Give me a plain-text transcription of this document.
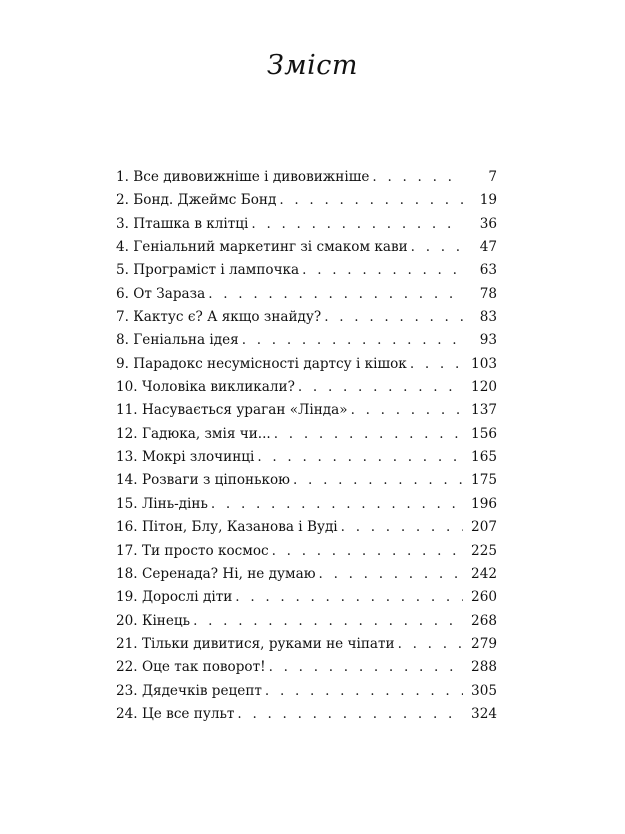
Зміст
1. Все дивовижніше і дивовижніше . . .	7
2. Бонд. Джеймс Бонд . . .	19
3. Пташка в клітці . . .	36
4. Геніальний маркетинг зі смаком кави . . .	47
5. Програміст і лампочка . . .	63
6. От Зараза . . .	78
7. Кактус є? А якщо знайду? . . .	83
8. Геніальна ідея . . .	93
9. Парадокс несумісності дартсу і кішок . . .	103
10. Чоловіка викликали? . . .	120
11. Насувається ураган «Лінда» . . .	137
12. Гадюка, змія чи... . . .	156
13. Мокрі злочинці . . .	165
14. Розваги з ціпонькою . . .	175
15. Лінь-дінь . . .	196
16. Пітон, Блу, Казанова і Вуді . . .	207
17. Ти просто космос . . .	225
18. Серенада? Ні, не думаю . . .	242
19. Дорослі діти . . .	260
20. Кінець . . .	268
21. Тільки дивитися, руками не чіпати . . .	279
22. Оце так поворот! . . .	288
23. Дядечків рецепт . . .	305
24. Це все пульт . . .	324
